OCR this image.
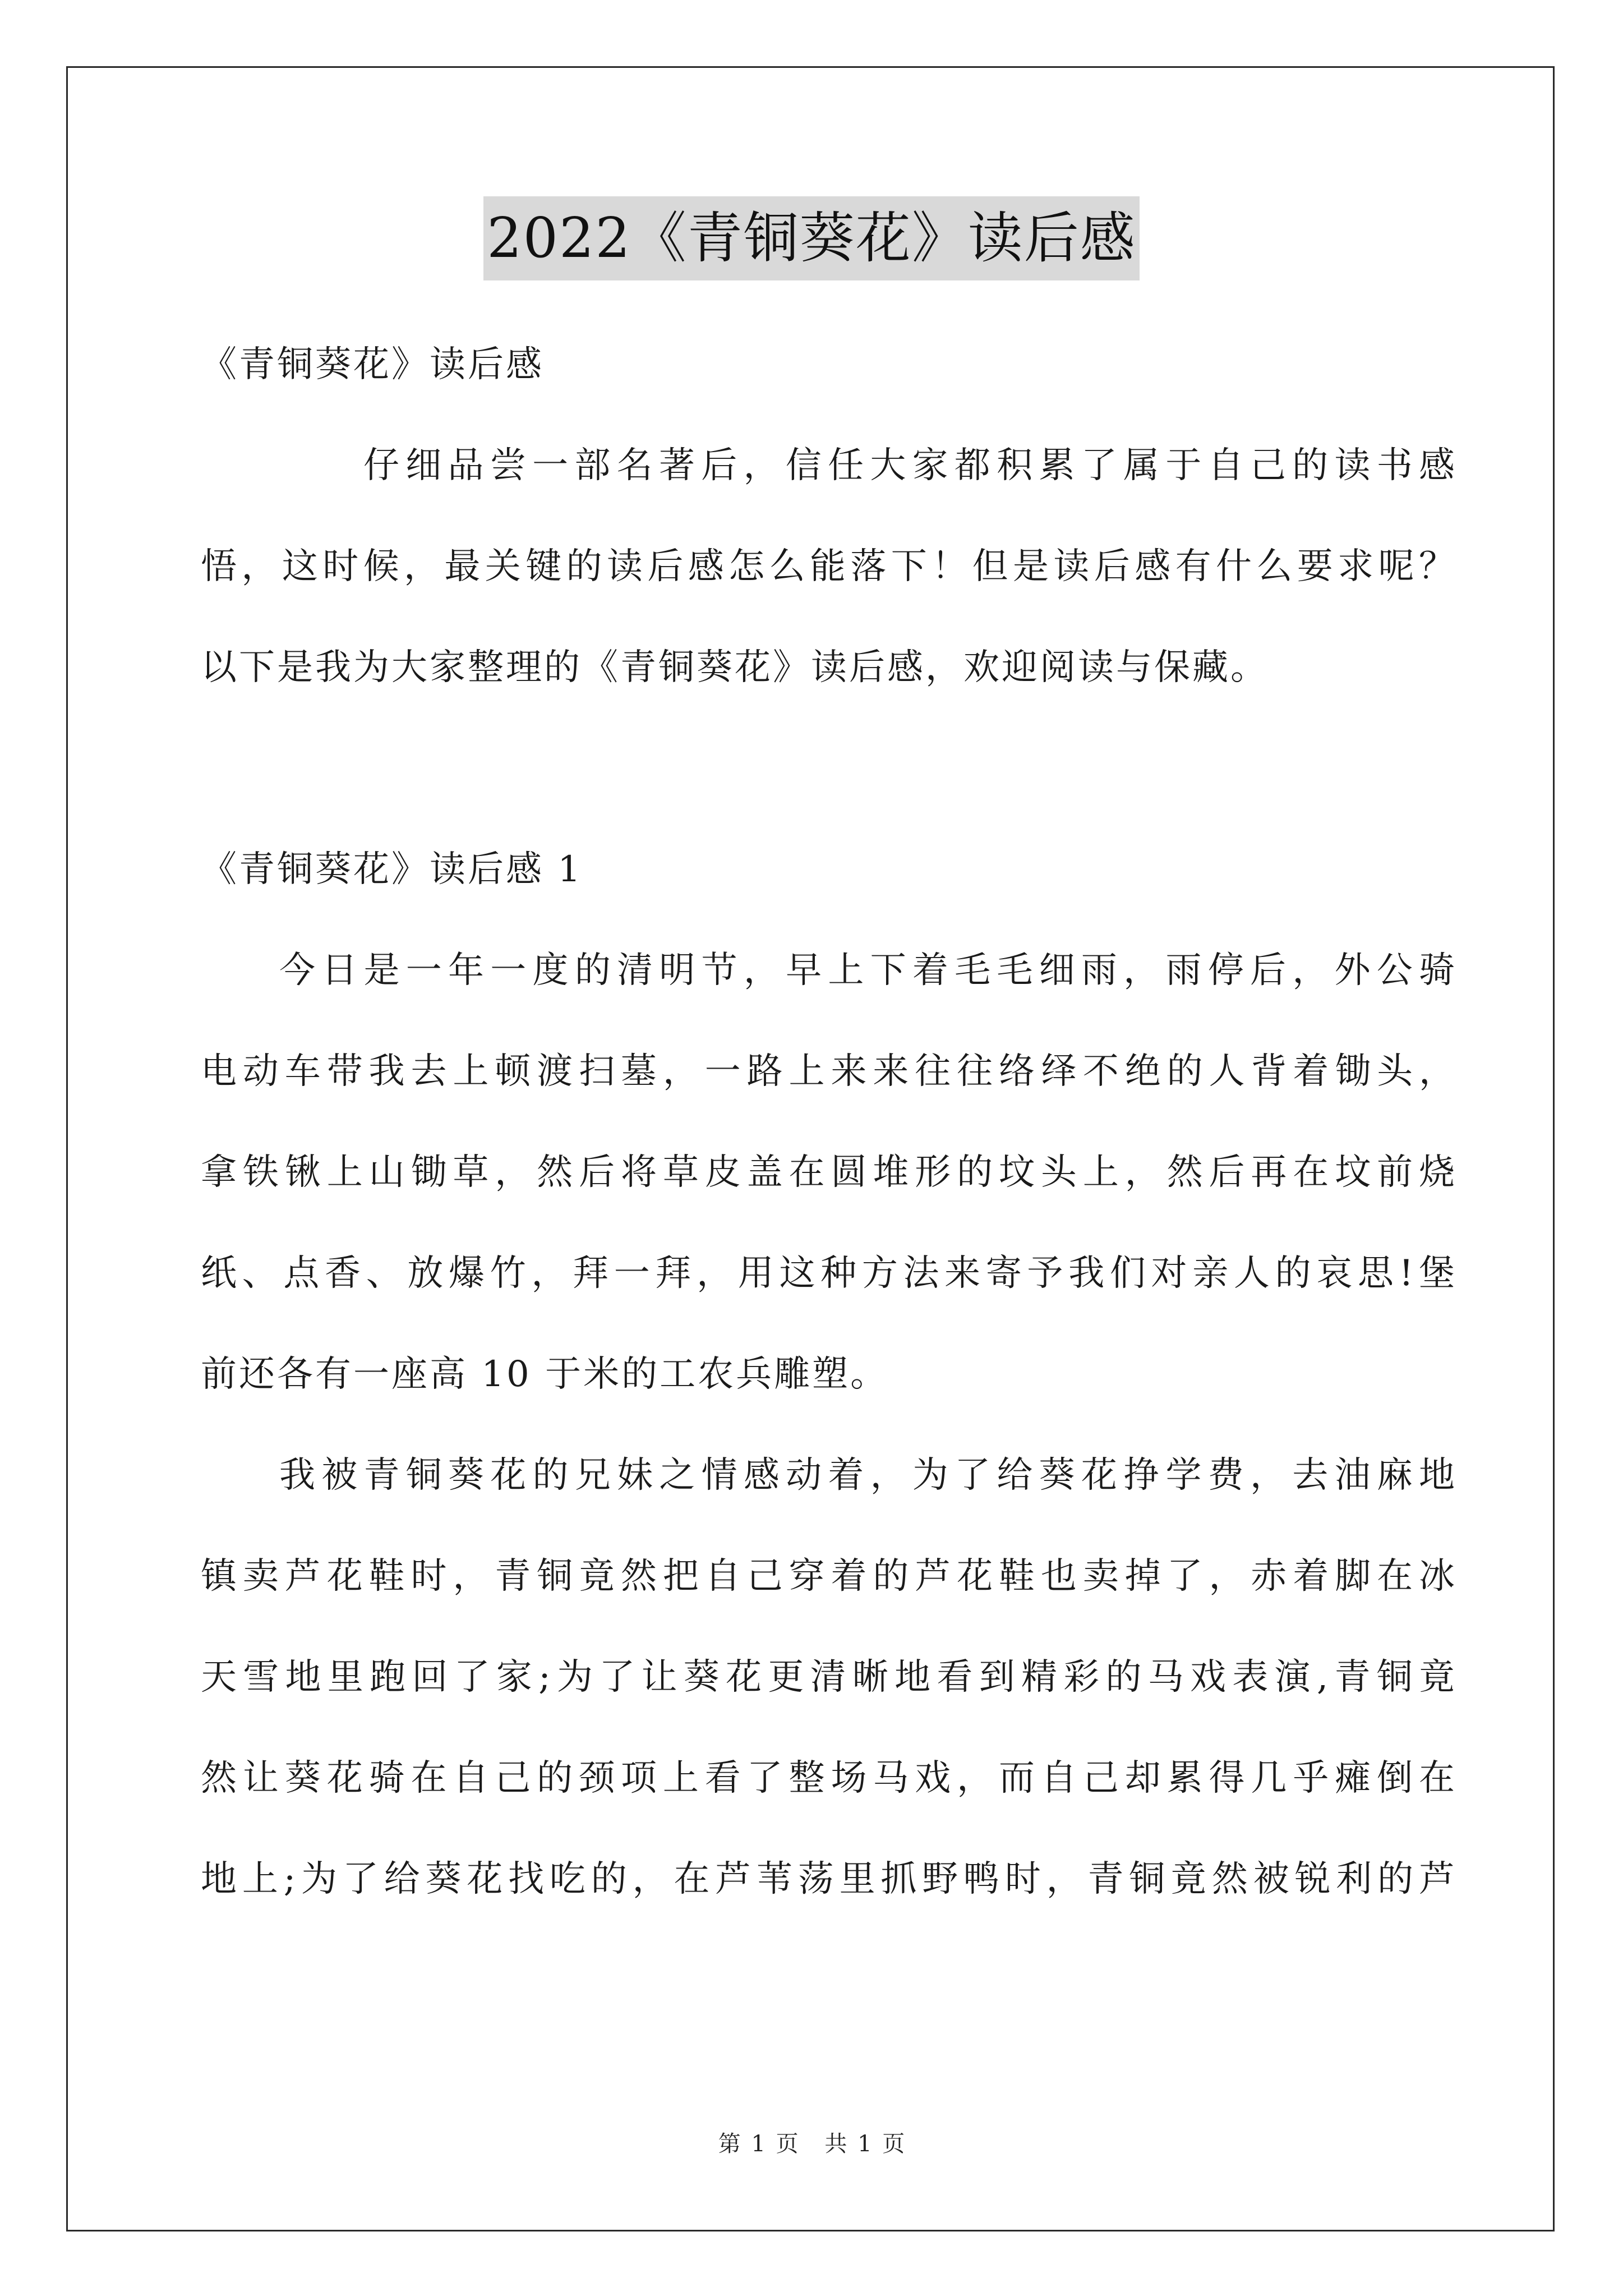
2022《青铜葵花》读后感
《青铜葵花》读后感
仔细品尝一部名著后，信任大家都积累了属于自己的读书感
悟，这时候，最关键的读后感怎么能落下！但是读后感有什么要求呢？
以下是我为大家整理的《青铜葵花》读后感，欢迎阅读与保藏。
《青铜葵花》读后感 1
今日是一年一度的清明节，早上下着毛毛细雨，雨停后，外公骑
电动车带我去上顿渡扫墓，一路上来来往往络绎不绝的人背着锄头，
拿铁锹上山锄草，然后将草皮盖在圆堆形的坟头上，然后再在坟前烧
纸、点香、放爆竹，拜一拜，用这种方法来寄予我们对亲人的哀思!堡
前还各有一座高 10 于米的工农兵雕塑。
我被青铜葵花的兄妹之情感动着，为了给葵花挣学费，去油麻地
镇卖芦花鞋时，青铜竟然把自己穿着的芦花鞋也卖掉了，赤着脚在冰
天雪地里跑回了家;为了让葵花更清晰地看到精彩的马戏表演,青铜竟
然让葵花骑在自己的颈项上看了整场马戏，而自己却累得几乎瘫倒在
地上;为了给葵花找吃的，在芦苇荡里抓野鸭时，青铜竟然被锐利的芦
第 1 页 共 1 页
